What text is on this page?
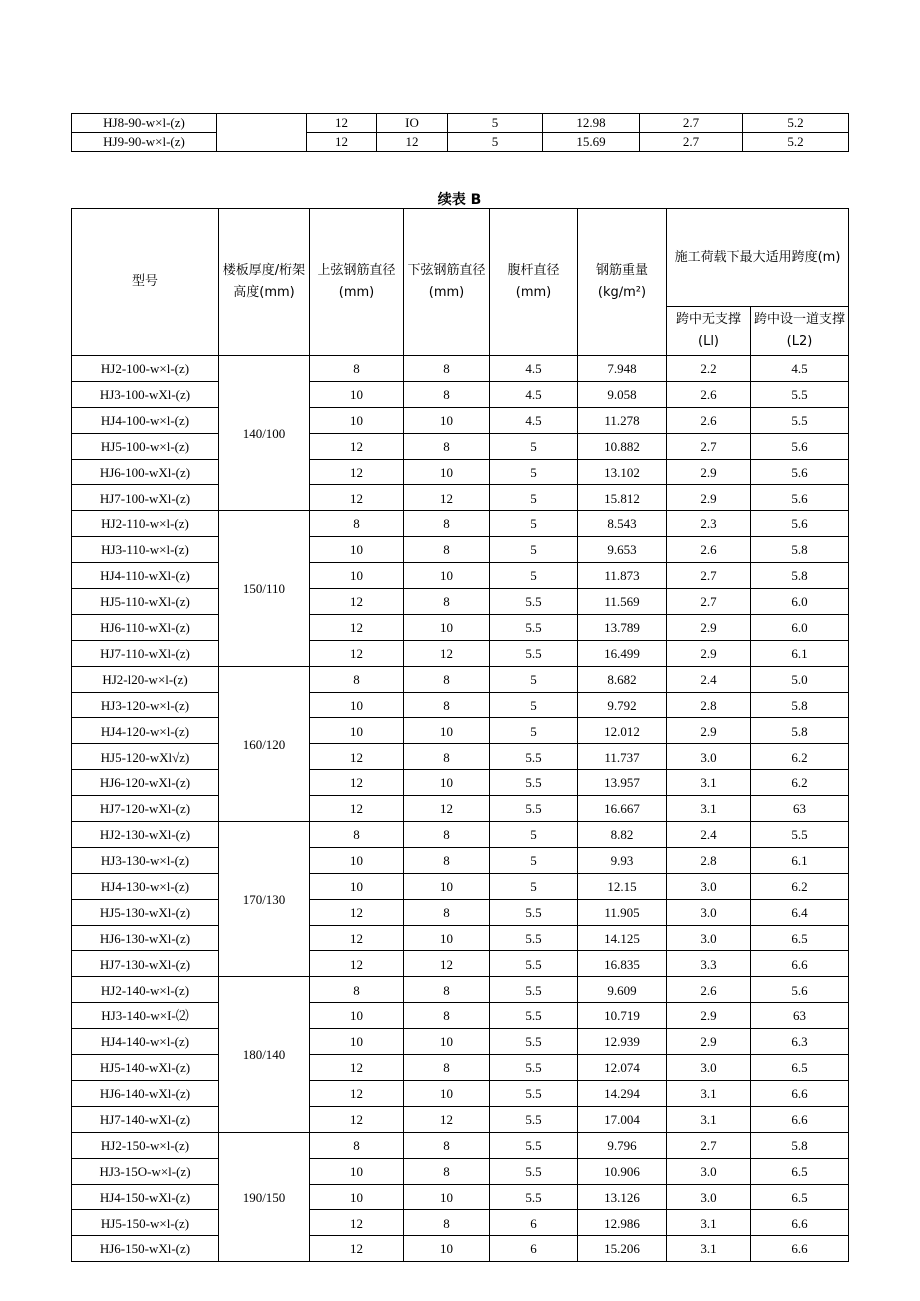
HJ8-90-w×l-(z)		12	IO	5	12.98	2.7	5.2
HJ9-90-w×l-(z)		12	12	5	15.69	2.7	5.2
续表 B
型号	楼板厚度/桁架高度(mm)	上弦钢筋直径(mm)	下弦钢筋直径(mm)	腹杆直径(mm)	钢筋重量(kg∕m²)	施工荷载下最大适用跨度(m)	
						跨中无支撑(Ll)	跨中设一道支撑(L2)
HJ2-100-w×l-(z)	140/100	8	8	4.5	7.948	2.2	4.5
HJ3-100-wXl-(z)		10	8	4.5	9.058	2.6	5.5
HJ4-100-w×l-(z)		10	10	4.5	11.278	2.6	5.5
HJ5-100-w×l-(z)		12	8	5	10.882	2.7	5.6
HJ6-100-wXl-(z)		12	10	5	13.102	2.9	5.6
HJ7-100-wXl-(z)		12	12	5	15.812	2.9	5.6
HJ2-110-w×l-(z)	150/110	8	8	5	8.543	2.3	5.6
HJ3-110-w×l-(z)		10	8	5	9.653	2.6	5.8
HJ4-110-wXl-(z)		10	10	5	11.873	2.7	5.8
HJ5-110-wXl-(z)		12	8	5.5	11.569	2.7	6.0
HJ6-110-wXl-(z)		12	10	5.5	13.789	2.9	6.0
HJ7-110-wXl-(z)		12	12	5.5	16.499	2.9	6.1
HJ2-l20-w×l-(z)	160/120	8	8	5	8.682	2.4	5.0
HJ3-120-w×l-(z)		10	8	5	9.792	2.8	5.8
HJ4-120-w×l-(z)		10	10	5	12.012	2.9	5.8
HJ5-120-wXl√z)		12	8	5.5	11.737	3.0	6.2
HJ6-120-wXl-(z)		12	10	5.5	13.957	3.1	6.2
HJ7-120-wXl-(z)		12	12	5.5	16.667	3.1	63
HJ2-130-wXl-(z)	170/130	8	8	5	8.82	2.4	5.5
HJ3-130-w×l-(z)		10	8	5	9.93	2.8	6.1
HJ4-130-w×l-(z)		10	10	5	12.15	3.0	6.2
HJ5-130-wXl-(z)		12	8	5.5	11.905	3.0	6.4
HJ6-130-wXl-(z)		12	10	5.5	14.125	3.0	6.5
HJ7-130-wXl-(z)		12	12	5.5	16.835	3.3	6.6
HJ2-140-w×l-(z)	180/140	8	8	5.5	9.609	2.6	5.6
HJ3-140-w×I-⑵		10	8	5.5	10.719	2.9	63
HJ4-140-w×l-(z)		10	10	5.5	12.939	2.9	6.3
HJ5-140-wXl-(z)		12	8	5.5	12.074	3.0	6.5
HJ6-140-wXl-(z)		12	10	5.5	14.294	3.1	6.6
HJ7-140-wXl-(z)		12	12	5.5	17.004	3.1	6.6
HJ2-150-w×l-(z)	190/150	8	8	5.5	9.796	2.7	5.8
HJ3-15O-w×l-(z)		10	8	5.5	10.906	3.0	6.5
HJ4-150-wXl-(z)		10	10	5.5	13.126	3.0	6.5
HJ5-150-w×l-(z)		12	8	6	12.986	3.1	6.6
HJ6-150-wXl-(z)		12	10	6	15.206	3.1	6.6
